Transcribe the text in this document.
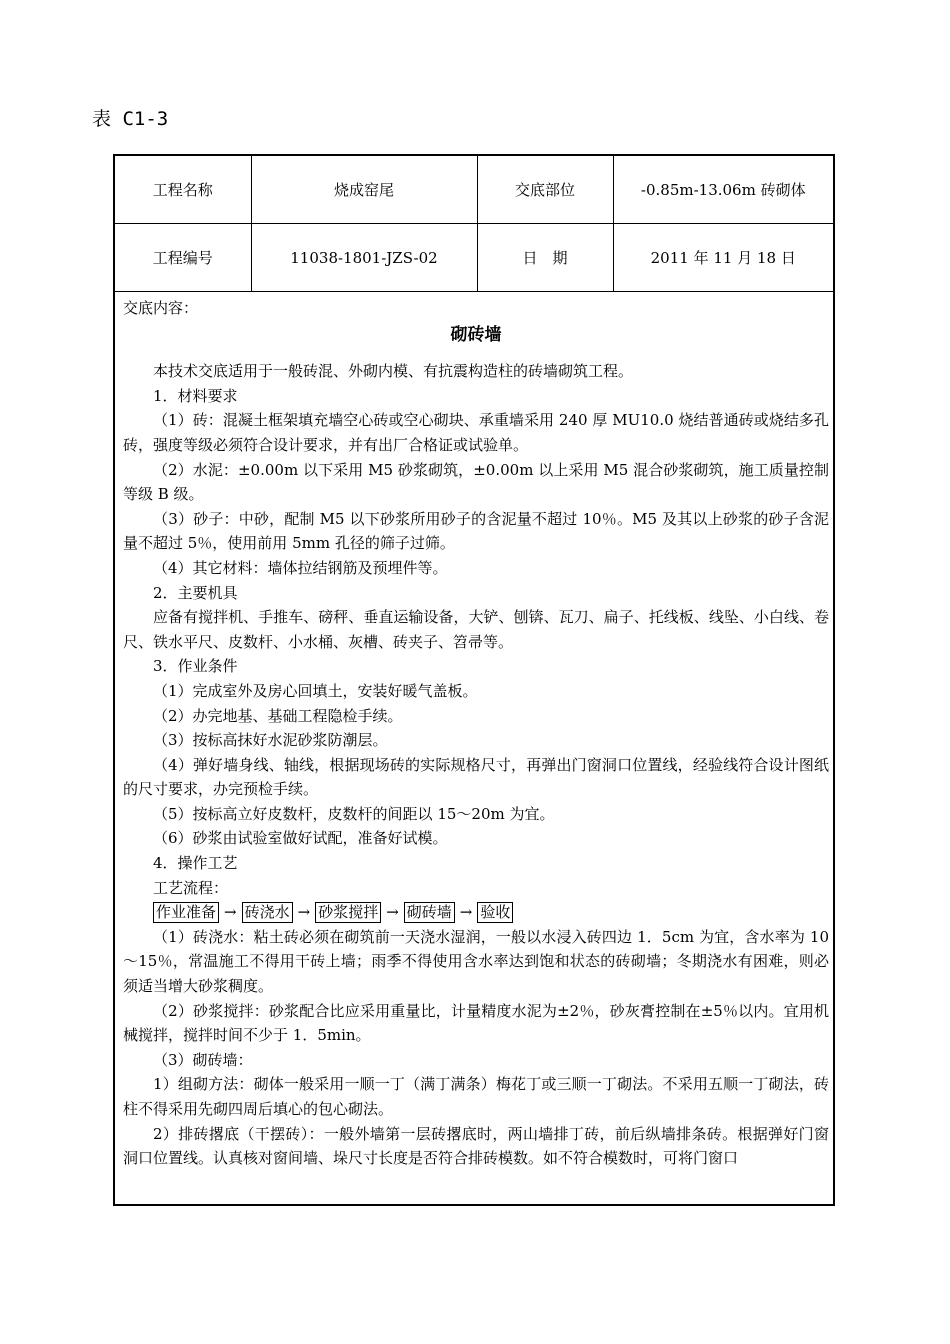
表 C1-3
工程名称	烧成窑尾	交底部位	-0.85m-13.06m 砖砌体
工程编号	11038-1801-JZS-02	日　期	2011 年 11 月 18 日

交底内容：

砌砖墙

本技术交底适用于一般砖混、外砌内模、有抗震构造柱的砖墙砌筑工程。

1．材料要求

（1）砖：混凝土框架填充墙空心砖或空心砌块、承重墙采用 240 厚 MU10.0 烧结普通砖或烧结多孔砖，强度等级必须符合设计要求，并有出厂合格证或试验单。

（2）水泥：±0.00m 以下采用 M5 砂浆砌筑，±0.00m 以上采用 M5 混合砂浆砌筑，施工质量控制等级 B 级。

（3）砂子：中砂，配制 M5 以下砂浆所用砂子的含泥量不超过 10％。M5 及其以上砂浆的砂子含泥量不超过 5％，使用前用 5mm 孔径的筛子过筛。

（4）其它材料：墙体拉结钢筋及预埋件等。

2．主要机具

应备有搅拌机、手推车、磅秤、垂直运输设备，大铲、刨锛、瓦刀、扁子、托线板、线坠、小白线、卷尺、铁水平尺、皮数杆、小水桶、灰槽、砖夹子、笤帚等。

3．作业条件

（1）完成室外及房心回填土，安装好暖气盖板。

（2）办完地基、基础工程隐检手续。

（3）按标高抹好水泥砂浆防潮层。

（4）弹好墙身线、轴线，根据现场砖的实际规格尺寸，再弹出门窗洞口位置线，经验线符合设计图纸的尺寸要求，办完预检手续。

（5）按标高立好皮数杆，皮数杆的间距以 15～20m 为宜。

（6）砂浆由试验室做好试配，准备好试模。

4．操作工艺

工艺流程：

作业准备 → 砖浇水 → 砂浆搅拌 → 砌砖墙 → 验收

（1）砖浇水：粘土砖必须在砌筑前一天浇水湿润，一般以水浸入砖四边 1．5cm 为宜，含水率为 10～15％，常温施工不得用干砖上墙；雨季不得使用含水率达到饱和状态的砖砌墙；冬期浇水有困难，则必须适当增大砂浆稠度。

（2）砂浆搅拌：砂浆配合比应采用重量比，计量精度水泥为±2％，砂灰膏控制在±5％以内。宜用机械搅拌，搅拌时间不少于 1．5min。

（3）砌砖墙：

1）组砌方法：砌体一般采用一顺一丁（满丁满条）梅花丁或三顺一丁砌法。不采用五顺一丁砌法，砖柱不得采用先砌四周后填心的包心砌法。

2）排砖撂底（干摆砖）：一般外墙第一层砖撂底时，两山墙排丁砖，前后纵墙排条砖。根据弹好门窗洞口位置线。认真核对窗间墙、垛尺寸长度是否符合排砖模数。如不符合模数时，可将门窗口
